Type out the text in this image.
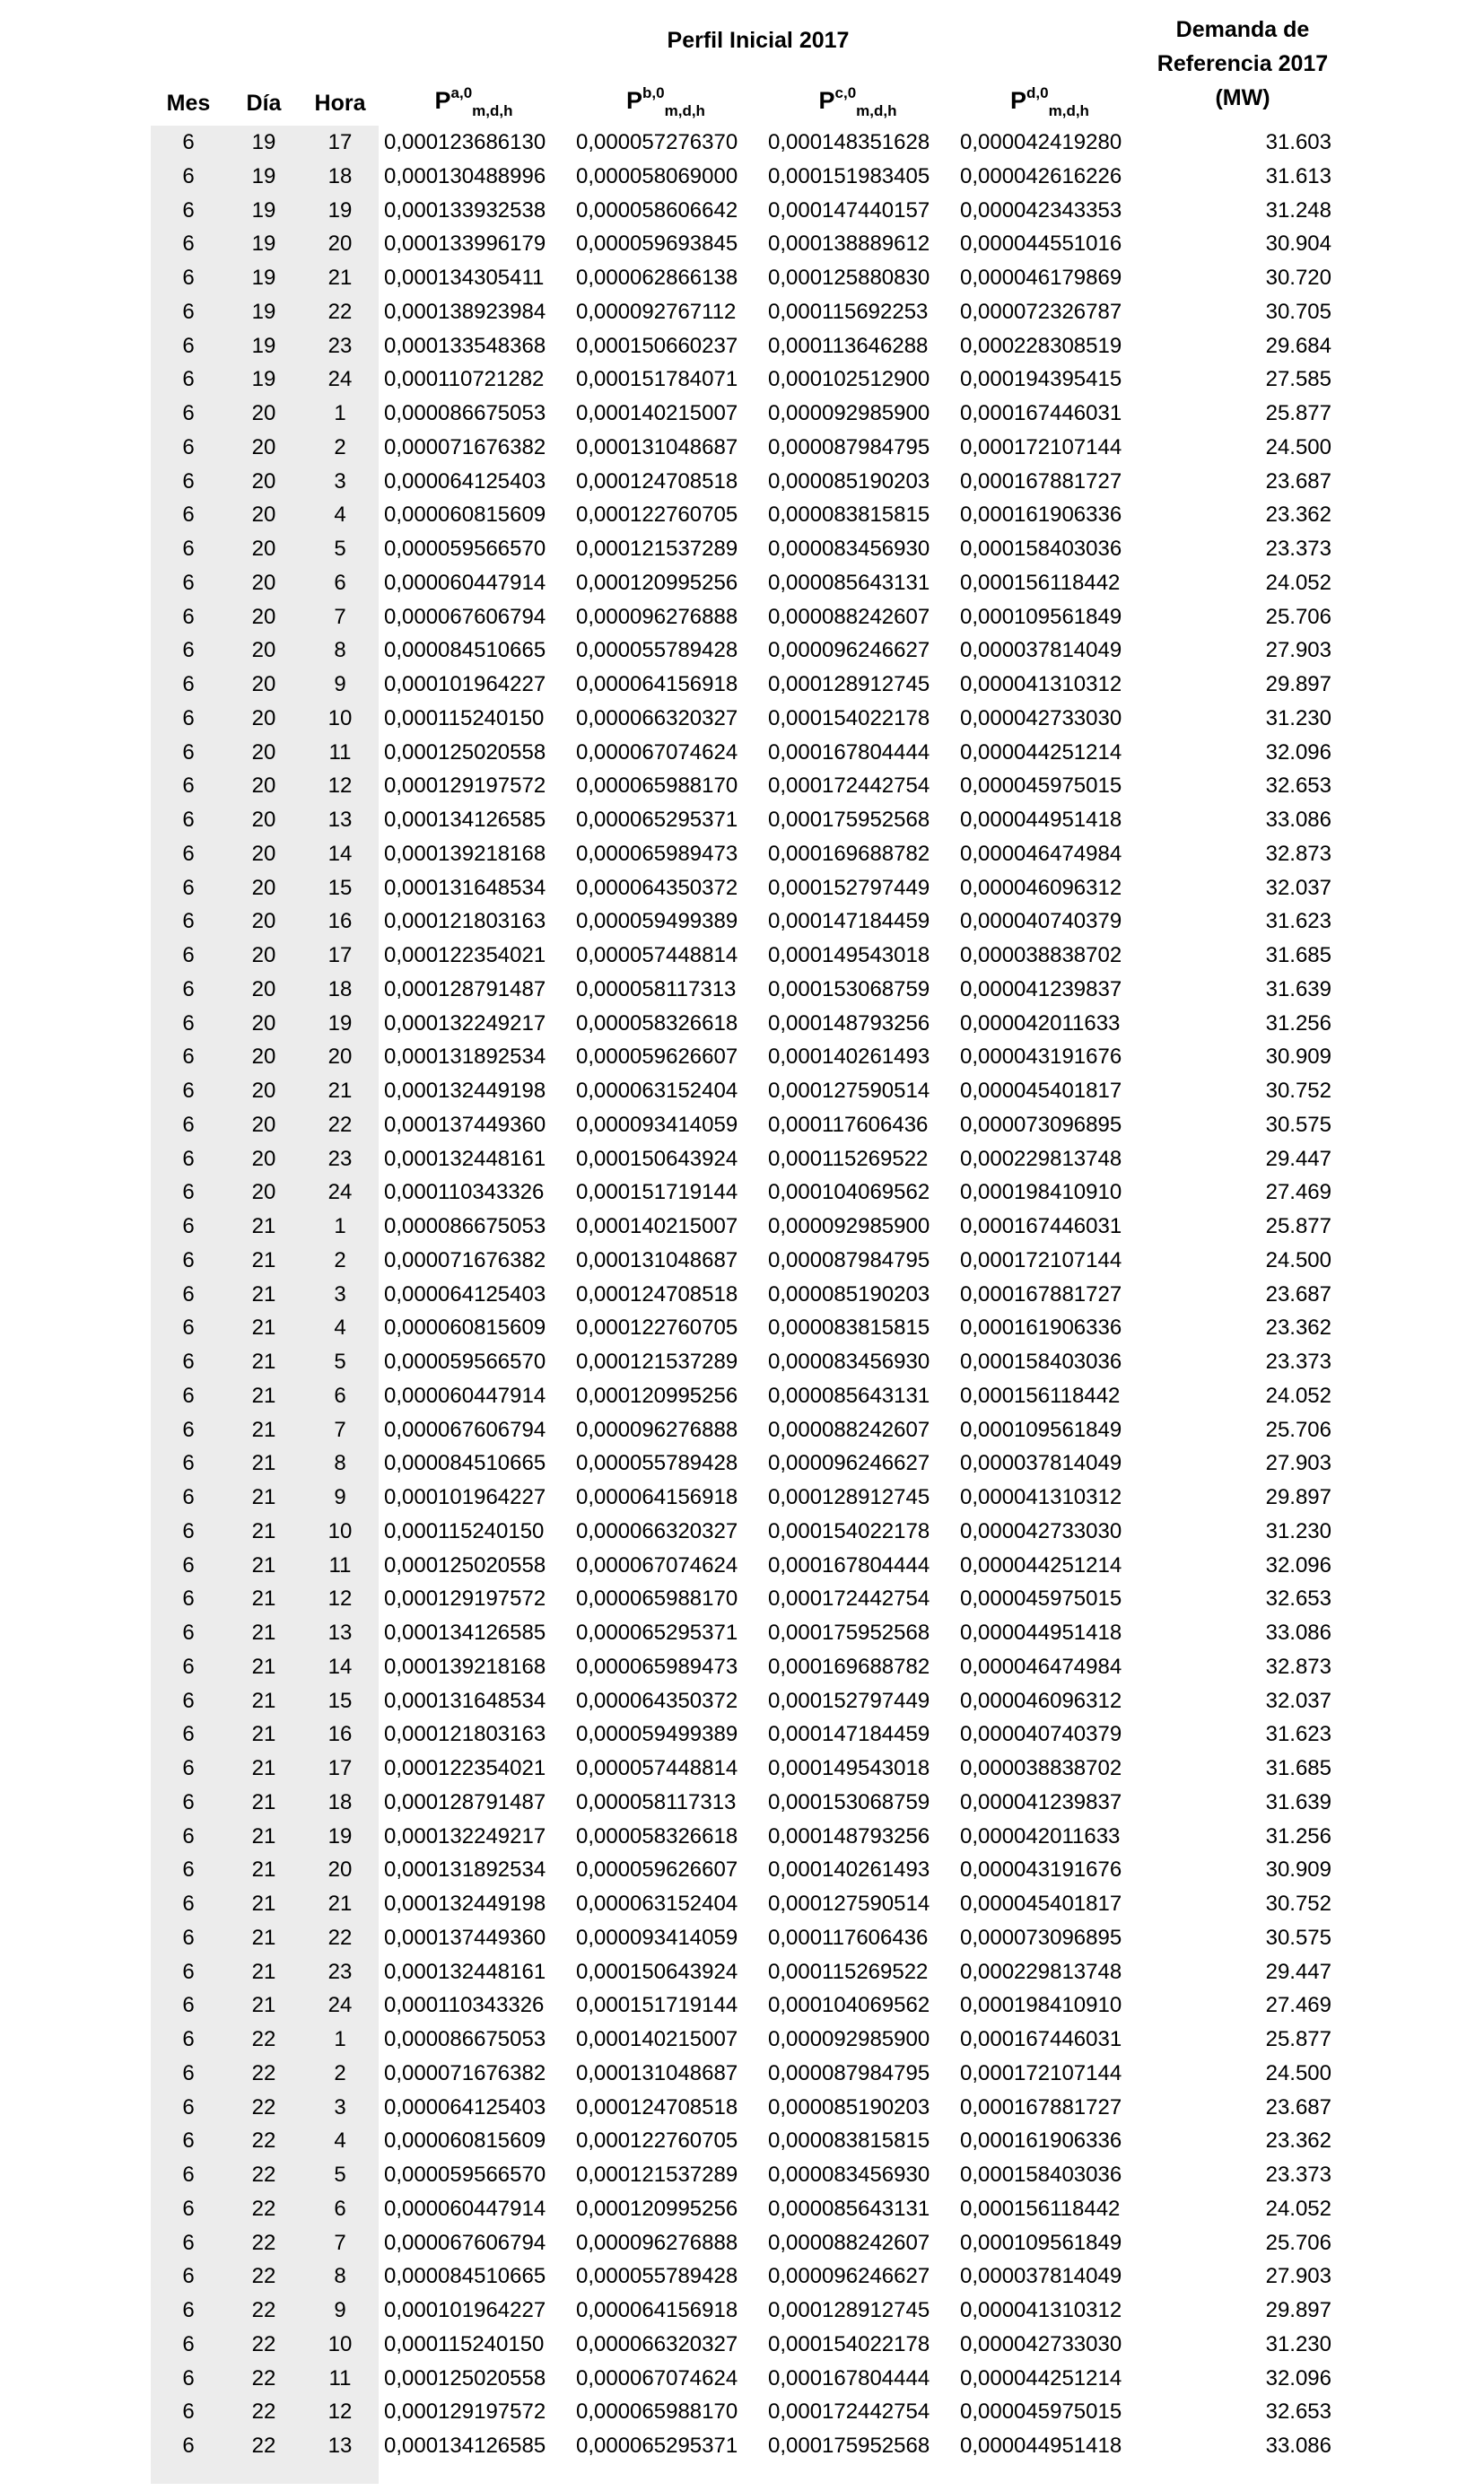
Perfil Inicial 2017	Demanda de
Referencia 2017
(MW)
Mes	Día	Hora	P$^{a,0}_{m,d,h}$	P$^{b,0}_{m,d,h}$	P$^{c,0}_{m,d,h}$	P$^{d,0}_{m,d,h}$
6	19	17	0,000123686130	0,000057276370	0,000148351628	0,000042419280	31.603
6	19	18	0,000130488996	0,000058069000	0,000151983405	0,000042616226	31.613
6	19	19	0,000133932538	0,000058606642	0,000147440157	0,000042343353	31.248
6	19	20	0,000133996179	0,000059693845	0,000138889612	0,000044551016	30.904
6	19	21	0,000134305411	0,000062866138	0,000125880830	0,000046179869	30.720
6	19	22	0,000138923984	0,000092767112	0,000115692253	0,000072326787	30.705
6	19	23	0,000133548368	0,000150660237	0,000113646288	0,000228308519	29.684
6	19	24	0,000110721282	0,000151784071	0,000102512900	0,000194395415	27.585
6	20	1	0,000086675053	0,000140215007	0,000092985900	0,000167446031	25.877
6	20	2	0,000071676382	0,000131048687	0,000087984795	0,000172107144	24.500
6	20	3	0,000064125403	0,000124708518	0,000085190203	0,000167881727	23.687
6	20	4	0,000060815609	0,000122760705	0,000083815815	0,000161906336	23.362
6	20	5	0,000059566570	0,000121537289	0,000083456930	0,000158403036	23.373
6	20	6	0,000060447914	0,000120995256	0,000085643131	0,000156118442	24.052
6	20	7	0,000067606794	0,000096276888	0,000088242607	0,000109561849	25.706
6	20	8	0,000084510665	0,000055789428	0,000096246627	0,000037814049	27.903
6	20	9	0,000101964227	0,000064156918	0,000128912745	0,000041310312	29.897
6	20	10	0,000115240150	0,000066320327	0,000154022178	0,000042733030	31.230
6	20	11	0,000125020558	0,000067074624	0,000167804444	0,000044251214	32.096
6	20	12	0,000129197572	0,000065988170	0,000172442754	0,000045975015	32.653
6	20	13	0,000134126585	0,000065295371	0,000175952568	0,000044951418	33.086
6	20	14	0,000139218168	0,000065989473	0,000169688782	0,000046474984	32.873
6	20	15	0,000131648534	0,000064350372	0,000152797449	0,000046096312	32.037
6	20	16	0,000121803163	0,000059499389	0,000147184459	0,000040740379	31.623
6	20	17	0,000122354021	0,000057448814	0,000149543018	0,000038838702	31.685
6	20	18	0,000128791487	0,000058117313	0,000153068759	0,000041239837	31.639
6	20	19	0,000132249217	0,000058326618	0,000148793256	0,000042011633	31.256
6	20	20	0,000131892534	0,000059626607	0,000140261493	0,000043191676	30.909
6	20	21	0,000132449198	0,000063152404	0,000127590514	0,000045401817	30.752
6	20	22	0,000137449360	0,000093414059	0,000117606436	0,000073096895	30.575
6	20	23	0,000132448161	0,000150643924	0,000115269522	0,000229813748	29.447
6	20	24	0,000110343326	0,000151719144	0,000104069562	0,000198410910	27.469
6	21	1	0,000086675053	0,000140215007	0,000092985900	0,000167446031	25.877
6	21	2	0,000071676382	0,000131048687	0,000087984795	0,000172107144	24.500
6	21	3	0,000064125403	0,000124708518	0,000085190203	0,000167881727	23.687
6	21	4	0,000060815609	0,000122760705	0,000083815815	0,000161906336	23.362
6	21	5	0,000059566570	0,000121537289	0,000083456930	0,000158403036	23.373
6	21	6	0,000060447914	0,000120995256	0,000085643131	0,000156118442	24.052
6	21	7	0,000067606794	0,000096276888	0,000088242607	0,000109561849	25.706
6	21	8	0,000084510665	0,000055789428	0,000096246627	0,000037814049	27.903
6	21	9	0,000101964227	0,000064156918	0,000128912745	0,000041310312	29.897
6	21	10	0,000115240150	0,000066320327	0,000154022178	0,000042733030	31.230
6	21	11	0,000125020558	0,000067074624	0,000167804444	0,000044251214	32.096
6	21	12	0,000129197572	0,000065988170	0,000172442754	0,000045975015	32.653
6	21	13	0,000134126585	0,000065295371	0,000175952568	0,000044951418	33.086
6	21	14	0,000139218168	0,000065989473	0,000169688782	0,000046474984	32.873
6	21	15	0,000131648534	0,000064350372	0,000152797449	0,000046096312	32.037
6	21	16	0,000121803163	0,000059499389	0,000147184459	0,000040740379	31.623
6	21	17	0,000122354021	0,000057448814	0,000149543018	0,000038838702	31.685
6	21	18	0,000128791487	0,000058117313	0,000153068759	0,000041239837	31.639
6	21	19	0,000132249217	0,000058326618	0,000148793256	0,000042011633	31.256
6	21	20	0,000131892534	0,000059626607	0,000140261493	0,000043191676	30.909
6	21	21	0,000132449198	0,000063152404	0,000127590514	0,000045401817	30.752
6	21	22	0,000137449360	0,000093414059	0,000117606436	0,000073096895	30.575
6	21	23	0,000132448161	0,000150643924	0,000115269522	0,000229813748	29.447
6	21	24	0,000110343326	0,000151719144	0,000104069562	0,000198410910	27.469
6	22	1	0,000086675053	0,000140215007	0,000092985900	0,000167446031	25.877
6	22	2	0,000071676382	0,000131048687	0,000087984795	0,000172107144	24.500
6	22	3	0,000064125403	0,000124708518	0,000085190203	0,000167881727	23.687
6	22	4	0,000060815609	0,000122760705	0,000083815815	0,000161906336	23.362
6	22	5	0,000059566570	0,000121537289	0,000083456930	0,000158403036	23.373
6	22	6	0,000060447914	0,000120995256	0,000085643131	0,000156118442	24.052
6	22	7	0,000067606794	0,000096276888	0,000088242607	0,000109561849	25.706
6	22	8	0,000084510665	0,000055789428	0,000096246627	0,000037814049	27.903
6	22	9	0,000101964227	0,000064156918	0,000128912745	0,000041310312	29.897
6	22	10	0,000115240150	0,000066320327	0,000154022178	0,000042733030	31.230
6	22	11	0,000125020558	0,000067074624	0,000167804444	0,000044251214	32.096
6	22	12	0,000129197572	0,000065988170	0,000172442754	0,000045975015	32.653
6	22	13	0,000134126585	0,000065295371	0,000175952568	0,000044951418	33.086
